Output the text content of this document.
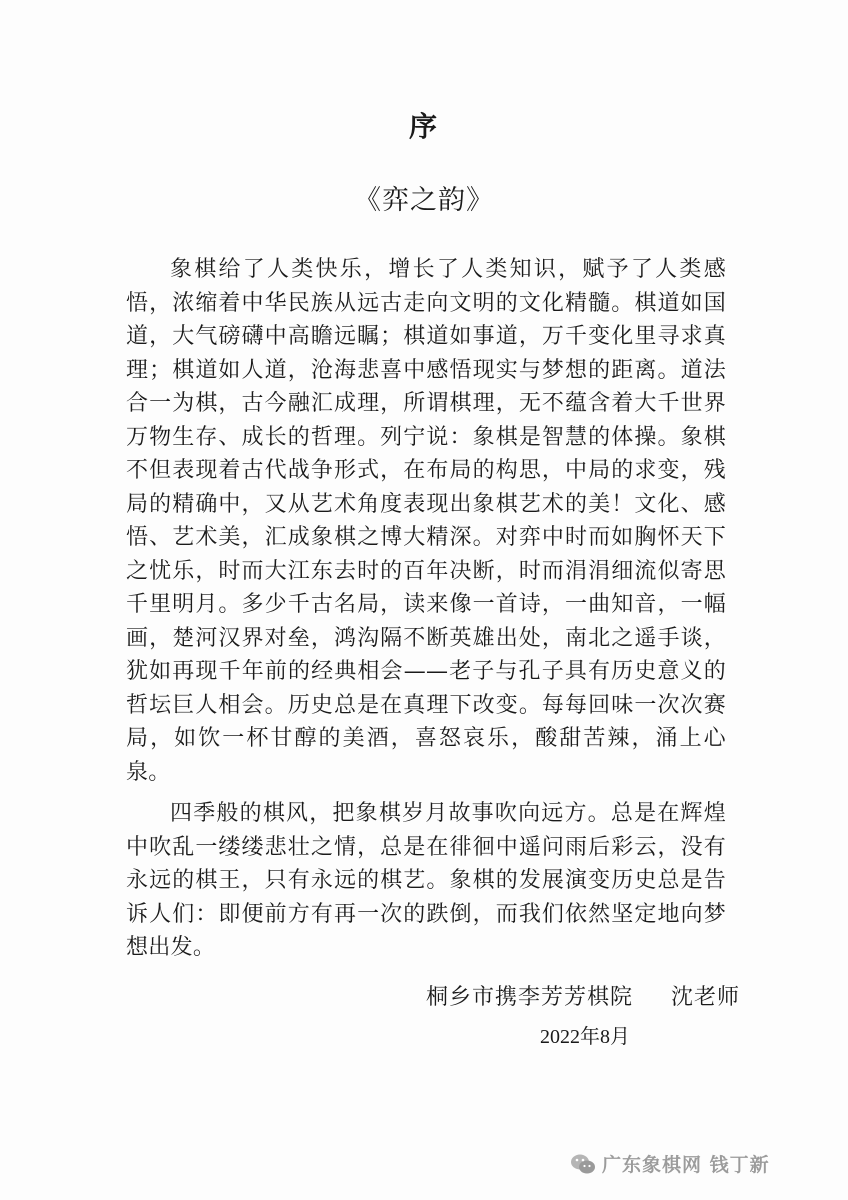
序
《弈之韵》

象棋给了人类快乐，增长了人类知识，赋予了人类感悟，浓缩着中华民族从远古走向文明的文化精髓。棋道如国道，大气磅礴中高瞻远瞩；棋道如事道，万千变化里寻求真理；棋道如人道，沧海悲喜中感悟现实与梦想的距离。道法合一为棋，古今融汇成理，所谓棋理，无不蕴含着大千世界万物生存、成长的哲理。列宁说：象棋是智慧的体操。象棋不但表现着古代战争形式，在布局的构思，中局的求变，残局的精确中，又从艺术角度表现出象棋艺术的美！文化、感悟、艺术美，汇成象棋之博大精深。对弈中时而如胸怀天下之忧乐，时而大江东去时的百年决断，时而涓涓细流似寄思千里明月。多少千古名局，读来像一首诗，一曲知音，一幅画，楚河汉界对垒，鸿沟隔不断英雄出处，南北之遥手谈，犹如再现千年前的经典相会——老子与孔子具有历史意义的哲坛巨人相会。历史总是在真理下改变。每每回味一次次赛局，如饮一杯甘醇的美酒，喜怒哀乐，酸甜苦辣，涌上心泉。

四季般的棋风，把象棋岁月故事吹向远方。总是在辉煌中吹乱一缕缕悲壮之情，总是在徘徊中遥问雨后彩云，没有永远的棋王，只有永远的棋艺。象棋的发展演变历史总是告诉人们：即便前方有再一次的跌倒，而我们依然坚定地向梦想出发。

桐乡市携李芳芳棋院 沈老师
2022年8月
广东象棋网 钱丁新
